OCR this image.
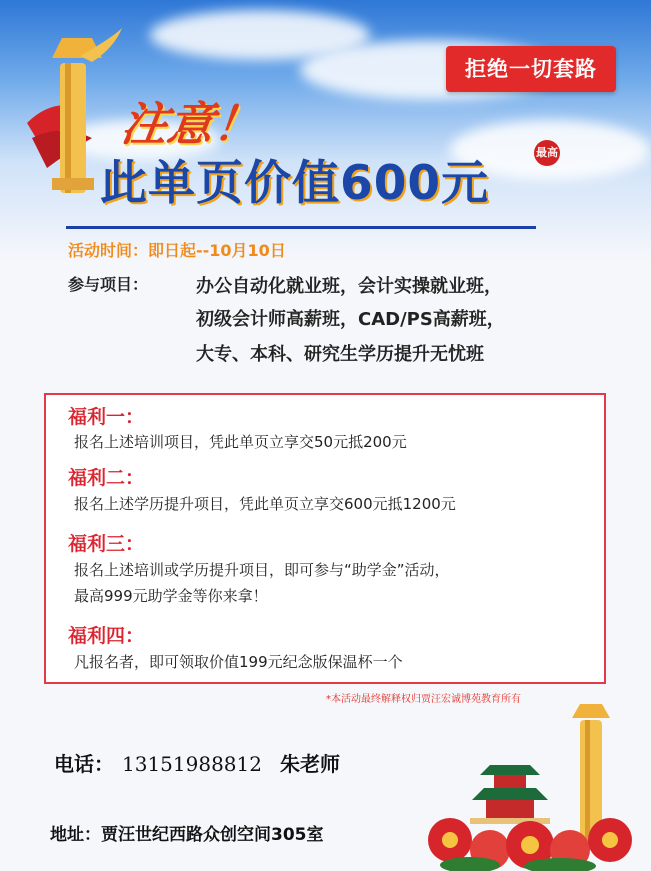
拒绝一切套路
注意！
此单页价值600元
最高
活动时间：即日起--10月10日
参与项目：	办公自动化就业班，会计实操就业班，
初级会计师高薪班，CAD/PS高薪班，
大专、本科、研究生学历提升无忧班
福利一：
报名上述培训项目，凭此单页立享交50元抵200元
福利二：
报名上述学历提升项目，凭此单页立享交600元抵1200元
福利三：
报名上述培训或学历提升项目，即可参与“助学金”活动，
最高999元助学金等你来拿！
福利四：
凡报名者，即可领取价值199元纪念版保温杯一个
*本活动最终解释权归贾汪宏诚博苑教育所有
电话： 13151988812 朱老师
地址：贾汪世纪西路众创空间305室
